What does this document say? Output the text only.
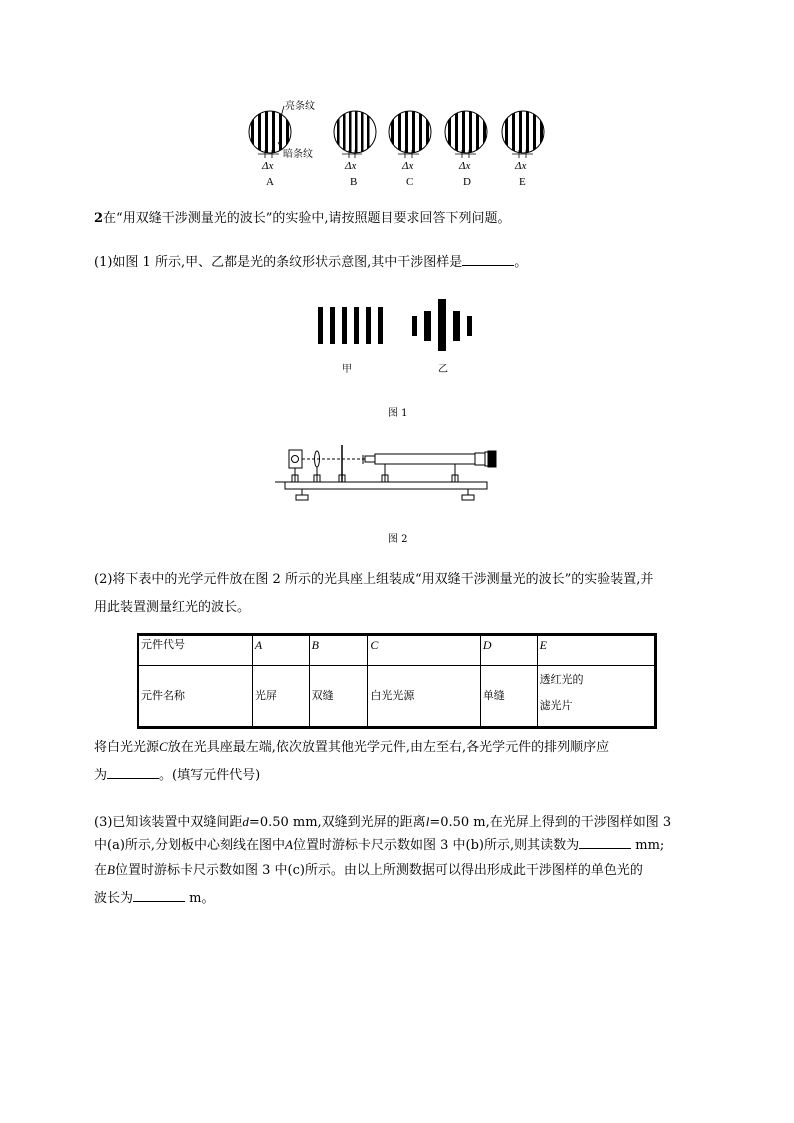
亮条纹
暗条纹
Δx	Δx	Δx	Δx	Δx
A	B	C	D	E
2在“用双缝干涉测量光的波长”的实验中,请按照题目要求回答下列问题。
(1)如图 1 所示,甲、乙都是光的条纹形状示意图,其中干涉图样是	。
甲	乙
图 1
图 2
(2)将下表中的光学元件放在图 2 所示的光具座上组装成“用双缝干涉测量光的波长”的实验装置,并
用此装置测量红光的波长。
元件代号	A	B	C	D	E
元件名称	光屏	双缝	白光光源	单缝	透红光的
滤光片
将白光光源C放在光具座最左端,依次放置其他光学元件,由左至右,各光学元件的排列顺序应
为	。(填写元件代号)
(3)已知该装置中双缝间距d=0.50 mm,双缝到光屏的距离l=0.50 m,在光屏上得到的干涉图样如图 3
中(a)所示,分划板中心刻线在图中A位置时游标卡尺示数如图 3 中(b)所示,则其读数为	mm;
在B位置时游标卡尺示数如图 3 中(c)所示。由以上所测数据可以得出形成此干涉图样的单色光的
波长为	m。
